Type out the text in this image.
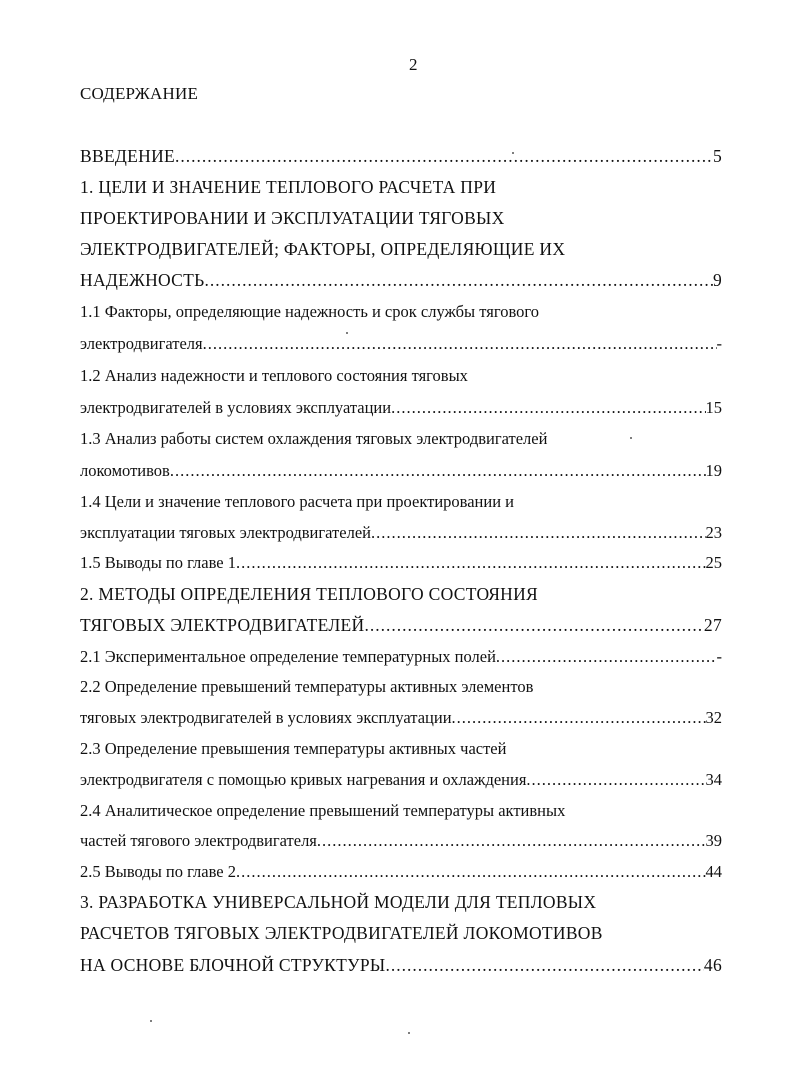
2
СОДЕРЖАНИЕ
ВВЕДЕНИЕ .....	5
1. ЦЕЛИ И ЗНАЧЕНИЕ ТЕПЛОВОГО РАСЧЕТА ПРИ
ПРОЕКТИРОВАНИИ И ЭКСПЛУАТАЦИИ ТЯГОВЫХ
ЭЛЕКТРОДВИГАТЕЛЕЙ; ФАКТОРЫ, ОПРЕДЕЛЯЮЩИЕ ИХ
НАДЕЖНОСТЬ .....	9
1.1 Факторы, определяющие надежность и срок службы тягового
электродвигателя .....	-
1.2 Анализ надежности и теплового состояния тяговых
электродвигателей в условиях эксплуатации .....	15
1.3 Анализ работы систем охлаждения тяговых электродвигателей
локомотивов .....	19
1.4 Цели и значение теплового расчета при проектировании и
эксплуатации тяговых электродвигателей .....	23
1.5 Выводы по главе 1 .....	25
2. МЕТОДЫ ОПРЕДЕЛЕНИЯ ТЕПЛОВОГО СОСТОЯНИЯ
ТЯГОВЫХ ЭЛЕКТРОДВИГАТЕЛЕЙ .....	27
2.1 Экспериментальное определение температурных полей .....	-
2.2 Определение превышений температуры активных элементов
тяговых электродвигателей в условиях эксплуатации .....	32
2.3 Определение превышения температуры активных частей
электродвигателя с помощью кривых нагревания и охлаждения .....	34
2.4 Аналитическое определение превышений температуры активных
частей тягового электродвигателя .....	39
2.5 Выводы по главе 2 .....	44
3. РАЗРАБОТКА УНИВЕРСАЛЬНОЙ МОДЕЛИ ДЛЯ ТЕПЛОВЫХ
РАСЧЕТОВ ТЯГОВЫХ ЭЛЕКТРОДВИГАТЕЛЕЙ ЛОКОМОТИВОВ
НА ОСНОВЕ БЛОЧНОЙ СТРУКТУРЫ .....	46
